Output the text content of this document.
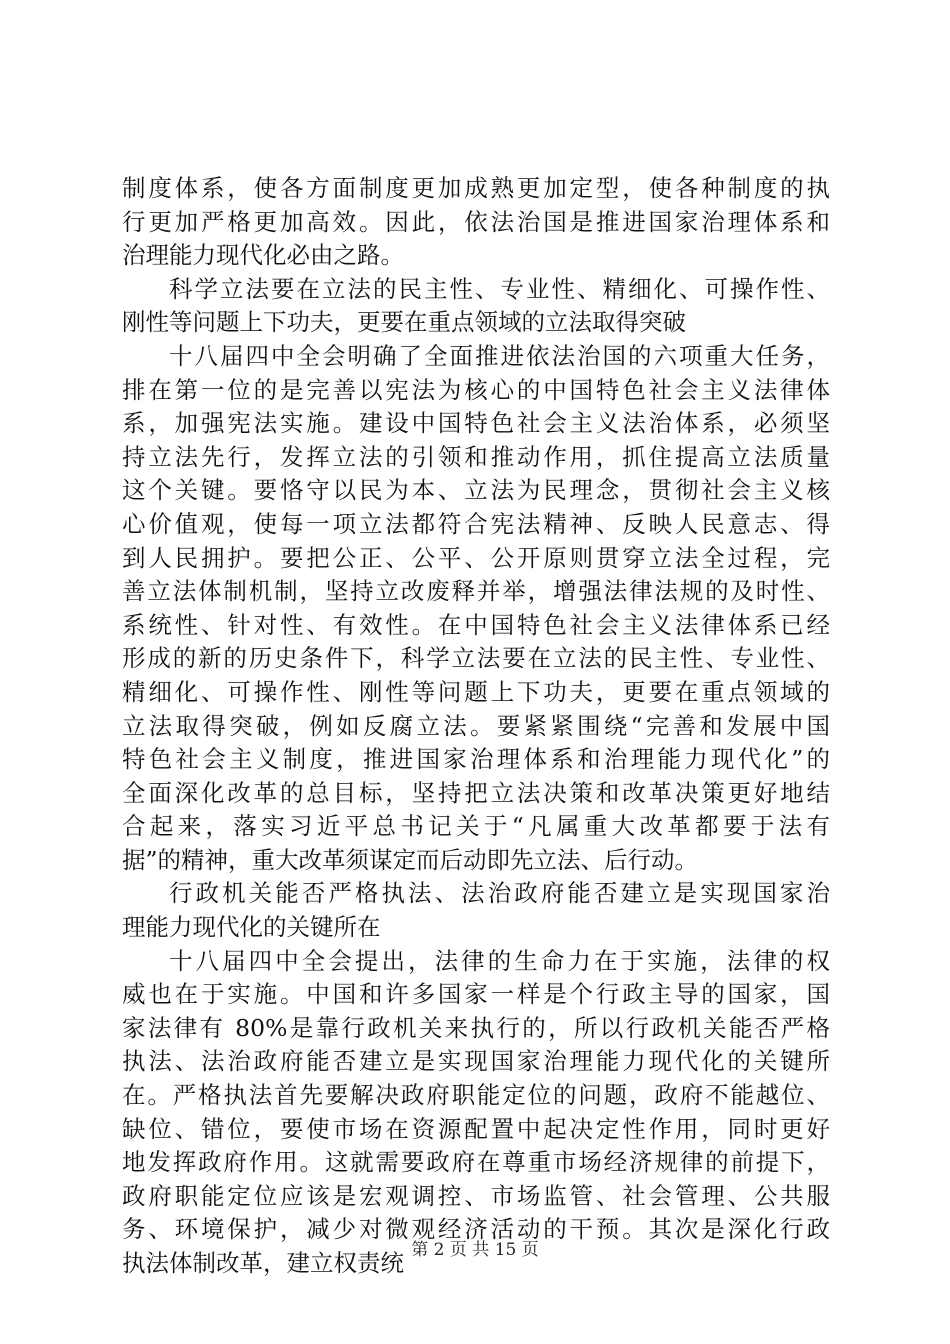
制度体系，使各方面制度更加成熟更加定型，使各种制度的执
行更加严格更加高效。因此，依法治国是推进国家治理体系和
治理能力现代化必由之路。
科学立法要在立法的民主性、专业性、精细化、可操作性、
刚性等问题上下功夫，更要在重点领域的立法取得突破
十八届四中全会明确了全面推进依法治国的六项重大任务，
排在第一位的是完善以宪法为核心的中国特色社会主义法律体
系，加强宪法实施。建设中国特色社会主义法治体系，必须坚
持立法先行，发挥立法的引领和推动作用，抓住提高立法质量
这个关键。要恪守以民为本、立法为民理念，贯彻社会主义核
心价值观，使每一项立法都符合宪法精神、反映人民意志、得
到人民拥护。要把公正、公平、公开原则贯穿立法全过程，完
善立法体制机制，坚持立改废释并举，增强法律法规的及时性、
系统性、针对性、有效性。在中国特色社会主义法律体系已经
形成的新的历史条件下，科学立法要在立法的民主性、专业性、
精细化、可操作性、刚性等问题上下功夫，更要在重点领域的
立法取得突破，例如反腐立法。要紧紧围绕“完善和发展中国
特色社会主义制度，推进国家治理体系和治理能力现代化”的
全面深化改革的总目标，坚持把立法决策和改革决策更好地结
合起来，落实习近平总书记关于“凡属重大改革都要于法有
据”的精神，重大改革须谋定而后动即先立法、后行动。
行政机关能否严格执法、法治政府能否建立是实现国家治
理能力现代化的关键所在
十八届四中全会提出，法律的生命力在于实施，法律的权
威也在于实施。中国和许多国家一样是个行政主导的国家，国
家法律有 80%是靠行政机关来执行的，所以行政机关能否严格
执法、法治政府能否建立是实现国家治理能力现代化的关键所
在。严格执法首先要解决政府职能定位的问题，政府不能越位、
缺位、错位，要使市场在资源配置中起决定性作用，同时更好
地发挥政府作用。这就需要政府在尊重市场经济规律的前提下，
政府职能定位应该是宏观调控、市场监管、社会管理、公共服
务、环境保护，减少对微观经济活动的干预。其次是深化行政
执法体制改革，建立权责统 第 2 页 共 15 页
